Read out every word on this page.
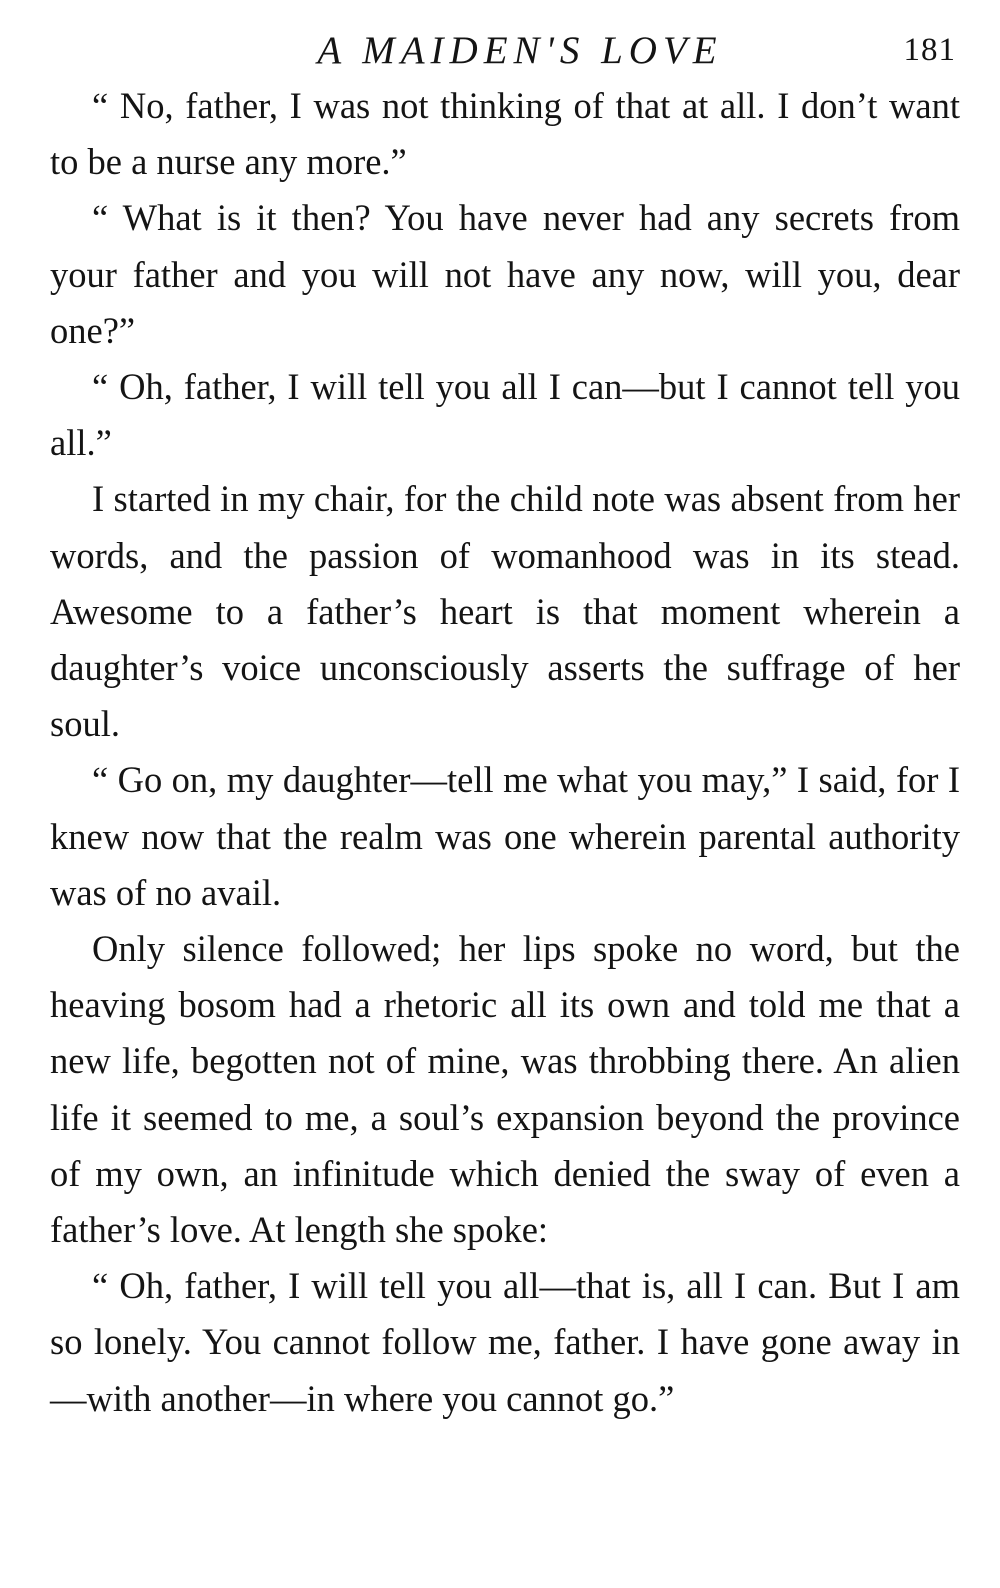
A MAIDEN'S LOVE	181

“ No, father, I was not thinking of that at all. I don’t want to be a nurse any more.”

“ What is it then? You have never had any secrets from your father and you will not have any now, will you, dear one?”

“ Oh, father, I will tell you all I can—but I cannot tell you all.”

I started in my chair, for the child note was absent from her words, and the passion of womanhood was in its stead. Awesome to a father’s heart is that moment wherein a daughter’s voice unconsciously asserts the suffrage of her soul.

“ Go on, my daughter—tell me what you may,” I said, for I knew now that the realm was one wherein parental authority was of no avail.

Only silence followed; her lips spoke no word, but the heaving bosom had a rhetoric all its own and told me that a new life, begotten not of mine, was throbbing there. An alien life it seemed to me, a soul’s expansion beyond the province of my own, an infinitude which denied the sway of even a father’s love. At length she spoke:

“ Oh, father, I will tell you all—that is, all I can. But I am so lonely. You cannot follow me, father. I have gone away in—with another—in where you cannot go.”
